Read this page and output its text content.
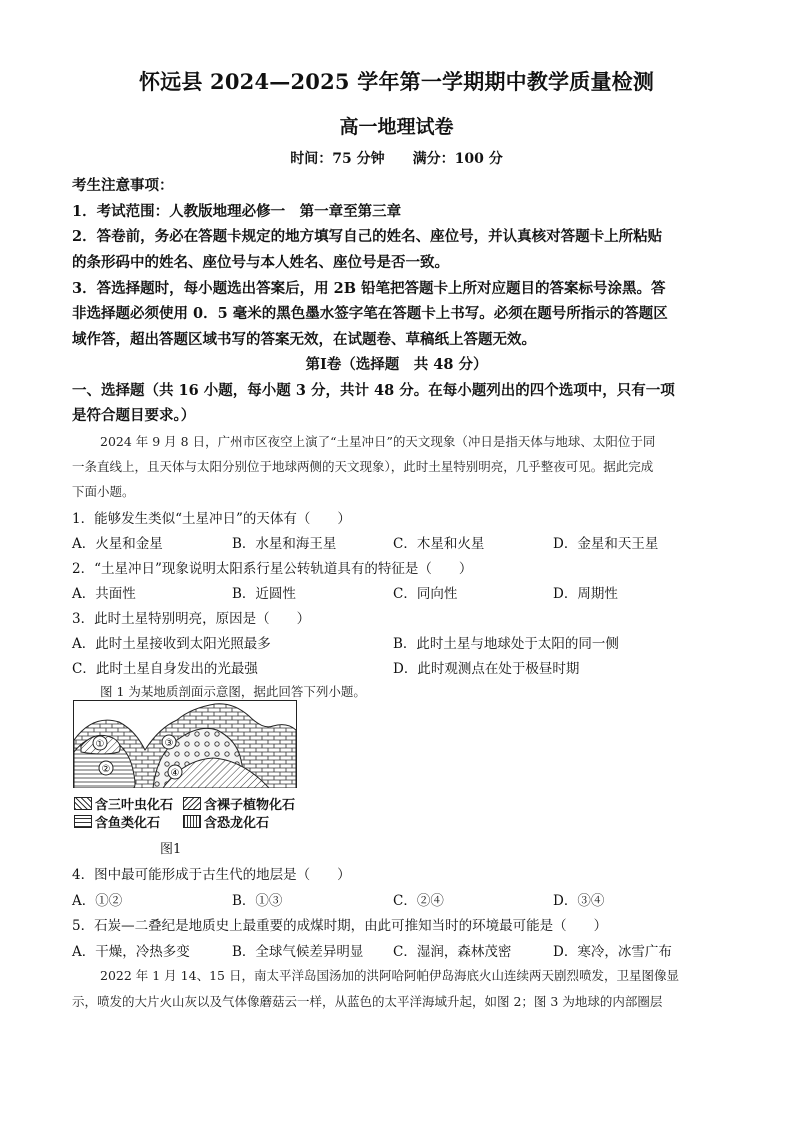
怀远县 2024—2025 学年第一学期期中教学质量检测
高一地理试卷
时间：75 分钟　　满分：100 分
考生注意事项：
1．考试范围：人教版地理必修一　第一章至第三章
2．答卷前，务必在答题卡规定的地方填写自己的姓名、座位号，并认真核对答题卡上所粘贴
的条形码中的姓名、座位号与本人姓名、座位号是否一致。
3．答选择题时，每小题选出答案后，用 2B 铅笔把答题卡上所对应题目的答案标号涂黑。答
非选择题必须使用 0．5 毫米的黑色墨水签字笔在答题卡上书写。必须在题号所指示的答题区
域作答，超出答题区域书写的答案无效，在试题卷、草稿纸上答题无效。
第Ⅰ卷（选择题　共 48 分）
一、选择题（共 16 小题，每小题 3 分，共计 48 分。在每小题列出的四个选项中，只有一项
是符合题目要求。）
2024 年 9 月 8 日，广州市区夜空上演了“土星冲日”的天文现象（冲日是指天体与地球、太阳位于同
一条直线上，且天体与太阳分别位于地球两侧的天文现象），此时土星特别明亮，几乎整夜可见。据此完成
下面小题。
1．能够发生类似“土星冲日”的天体有（　　）
A．火星和金星	B．水星和海王星	C．木星和火星	D．金星和天王星
2．“土星冲日”现象说明太阳系行星公转轨道具有的特征是（　　）
A．共面性	B．近圆性	C．同向性	D．周期性
3．此时土星特别明亮，原因是（　　）
A．此时土星接收到太阳光照最多	B．此时土星与地球处于太阳的同一侧
C．此时土星自身发出的光最强	D．此时观测点在处于极昼时期
图 1 为某地质剖面示意图，据此回答下列小题。
①
②
③
④
含三叶虫化石 含裸子植物化石
含鱼类化石	含恐龙化石
图1
4．图中最可能形成于古生代的地层是（　　）
A．①②	B．①③	C．②④	D．③④
5．石炭—二叠纪是地质史上最重要的成煤时期，由此可推知当时的环境最可能是（　　）
A．干燥，冷热多变	B．全球气候差异明显 C．湿润，森林茂密	D．寒冷，冰雪广布
2022 年 1 月 14、15 日，南太平洋岛国汤加的洪阿哈阿帕伊岛海底火山连续两天剧烈喷发，卫星图像显
示，喷发的大片火山灰以及气体像蘑菇云一样，从蓝色的太平洋海域升起，如图 2；图 3 为地球的内部圈层
